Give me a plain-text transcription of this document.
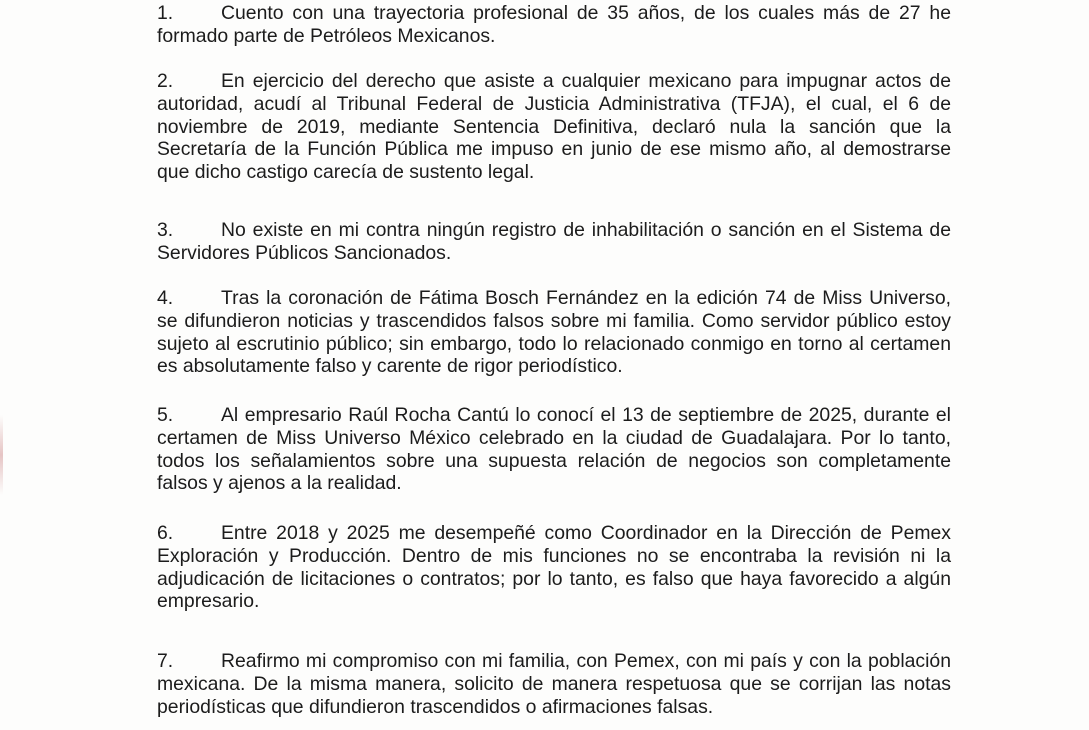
1. Cuento con una trayectoria profesional de 35 años, de los cuales más de 27 he formado parte de Petróleos Mexicanos.

2. En ejercicio del derecho que asiste a cualquier mexicano para impugnar actos de autoridad, acudí al Tribunal Federal de Justicia Administrativa (TFJA), el cual, el 6 de noviembre de 2019, mediante Sentencia Definitiva, declaró nula la sanción que la Secretaría de la Función Pública me impuso en junio de ese mismo año, al demostrarse que dicho castigo carecía de sustento legal.

3. No existe en mi contra ningún registro de inhabilitación o sanción en el Sistema de Servidores Públicos Sancionados.

4. Tras la coronación de Fátima Bosch Fernández en la edición 74 de Miss Universo, se difundieron noticias y trascendidos falsos sobre mi familia. Como servidor público estoy sujeto al escrutinio público; sin embargo, todo lo relacionado conmigo en torno al certamen es absolutamente falso y carente de rigor periodístico.

5. Al empresario Raúl Rocha Cantú lo conocí el 13 de septiembre de 2025, durante el certamen de Miss Universo México celebrado en la ciudad de Guadalajara. Por lo tanto, todos los señalamientos sobre una supuesta relación de negocios son completamente falsos y ajenos a la realidad.

6. Entre 2018 y 2025 me desempeñé como Coordinador en la Dirección de Pemex Exploración y Producción. Dentro de mis funciones no se encontraba la revisión ni la adjudicación de licitaciones o contratos; por lo tanto, es falso que haya favorecido a algún empresario.

7. Reafirmo mi compromiso con mi familia, con Pemex, con mi país y con la población mexicana. De la misma manera, solicito de manera respetuosa que se corrijan las notas periodísticas que difundieron trascendidos o afirmaciones falsas.
